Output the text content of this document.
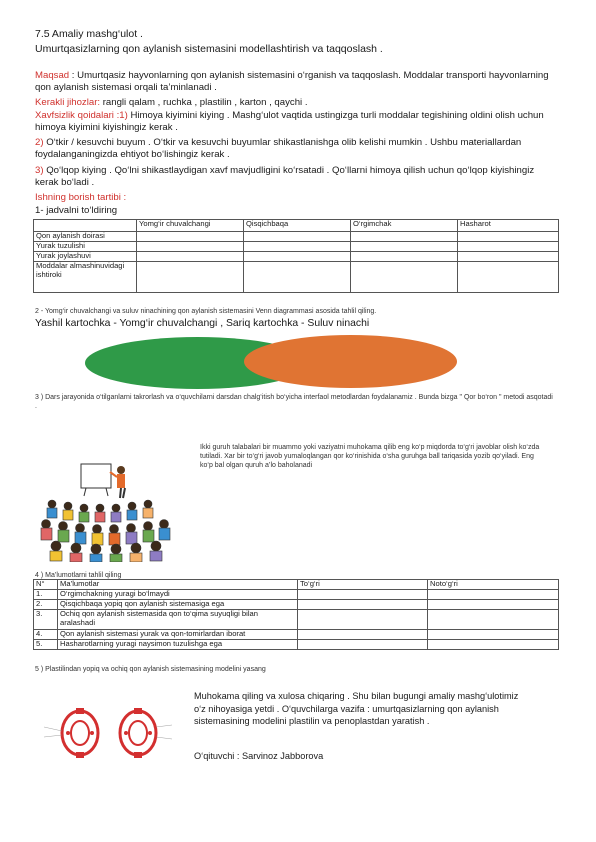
7.5 Amaliy mashg‘ulot .
Umurtqasizlarning qon aylanish sistemasini modellashtirish va taqqoslash .
Maqsad : Umurtqasiz hayvonlarning qon aylanish sistemasini o‘rganish va taqqoslash. Moddalar transporti hayvonlarning qon aylanish sistemasi orqali ta’minlanadi .
Kerakli jihozlar: rangli qalam , ruchka , plastilin , karton , qaychi .
Xavfsizlik qoidalari :1) Himoya kiyimini kiying . Mashg‘ulot vaqtida ustingizga turli moddalar tegishining oldini olish uchun himoya kiyimini kiyishingiz kerak .
2) O‘tkir / kesuvchi buyum . O‘tkir va kesuvchi buyumlar shikastlanishga olib kelishi mumkin . Ushbu materiallardan foydalanganingizda ehtiyot bo‘lishingiz kerak .
3) Qo‘lqop kiying . Qo‘lni shikastlaydigan xavf mavjudligini ko‘rsatadi . Qo‘llarni himoya qilish uchun qo‘lqop kiyishingiz kerak bo‘ladi .
Ishning borish tartibi :
1- jadvalni to‘ldiring
	Yomg‘ir chuvalchangi	Qisqichbaqa	O‘rgimchak	Hasharot
Qon aylanish doirasi				
Yurak tuzulishi				
Yurak joylashuvi				
Moddalar almashinuvidagi ishtiroki				
2 - Yomg‘ir chuvalchangi va suluv ninachining qon aylanish sistemasini Venn diagrammasi asosida tahlil qiling.
Yashil kartochka - Yomg‘ir chuvalchangi , Sariq kartochka - Suluv ninachi
3 ) Dars jarayonida o‘tilganlarni takrorlash va o‘quvchilarni darsdan chalg‘itish bo‘yicha interfaol metodlardan foydalanamiz . Bunda bizga " Qor bo‘ron " metodi asqotadi .
Ikki guruh talabalari bir muammo yoki vaziyatni muhokama qilib eng ko‘p miqdorda to‘g‘ri javoblar olish ko‘zda tutiladi. Xar bir to‘g‘ri javob yumaloqlangan qor ko‘rinishida o‘sha guruhga ball tariqasida yozib qo‘yiladi. Eng ko‘p bal olgan quruh a’lo baholanadi
4 ) Ma’lumotlarni tahlil qiling
N°	Ma’lumotlar	To‘g‘ri	Noto‘g‘ri
1.	O‘rgimchakning yuragi bo‘lmaydi		
2.	Qisqichbaqa yopiq qon aylanish sistemasiga ega		
3.	Ochiq qon aylanish sistemasida qon to‘qima suyuqligi bilan aralashadi		
4.	Qon aylanish sistemasi yurak va qon-tomirlardan iborat		
5.	Hasharotlarning yuragi naysimon tuzulishga ega		
5 ) Plastilindan yopiq va ochiq qon aylanish sistemasining modelini yasang
Muhokama qiling va xulosa chiqaring . Shu bilan bugungi amaliy mashg‘ulotimiz o‘z nihoyasiga yetdi . O‘quvchilarga vazifa : umurtqasizlarning qon aylanish sistemasining modelini plastilin va penoplastdan yaratish .
O‘qituvchi : Sarvinoz Jabborova
